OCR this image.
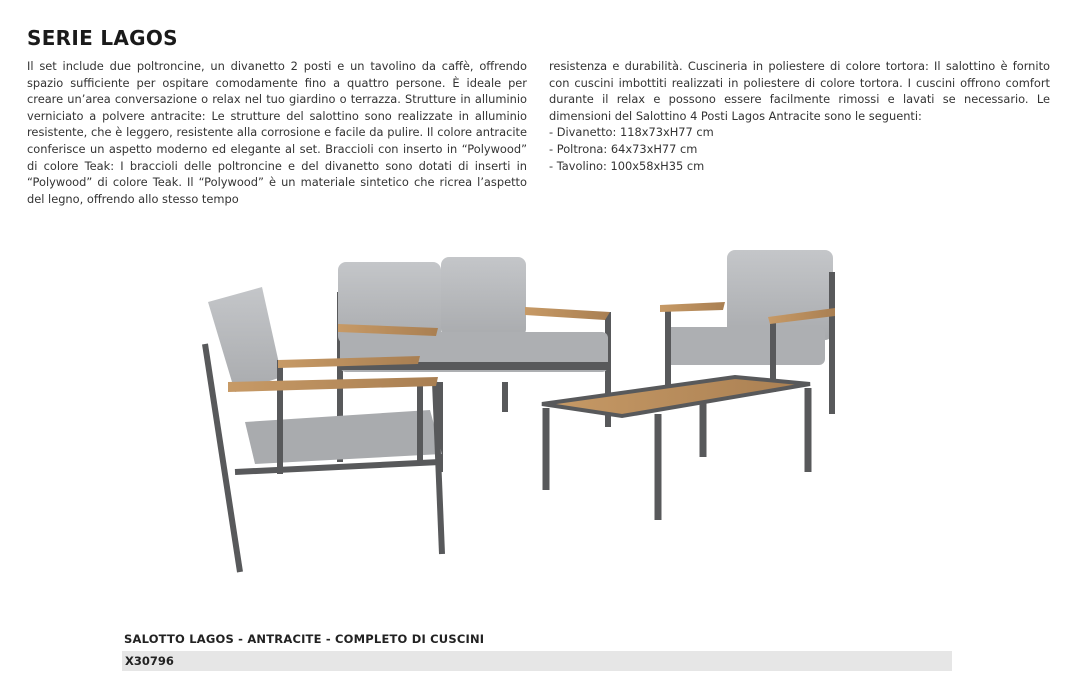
SERIE LAGOS

Il set include due poltroncine, un divanetto 2 posti e un tavolino da caffè, offrendo spazio sufficiente per ospitare comodamente fino a quattro persone. È ideale per creare un’area conversazione o relax nel tuo giardino o terrazza. Strutture in alluminio verniciato a polvere antracite: Le strutture del salottino sono realizzate in alluminio resistente, che è leggero, resistente alla corrosione e facile da pulire. Il colore antracite conferisce un aspetto moderno ed elegante al set. Braccioli con inserto in “Polywood” di colore Teak: I braccioli delle poltroncine e del divanetto sono dotati di inserti in “Polywood” di colore Teak. Il “Polywood” è un materiale sintetico che ricrea l’aspetto del legno, offrendo allo stesso tempo

resistenza e durabilità. Cuscineria in poliestere di colore tortora: Il salottino è fornito con cuscini imbottiti realizzati in poliestere di colore tortora. I cuscini offrono comfort durante il relax e possono essere facilmente rimossi e lavati se necessario. Le dimensioni del Salottino 4 Posti Lagos Antracite sono le seguenti:

- Divanetto: 118x73xH77 cm
- Poltrona: 64x73xH77 cm
- Tavolino: 100x58xH35 cm
SALOTTO LAGOS - ANTRACITE - COMPLETO DI CUSCINI
X30796
